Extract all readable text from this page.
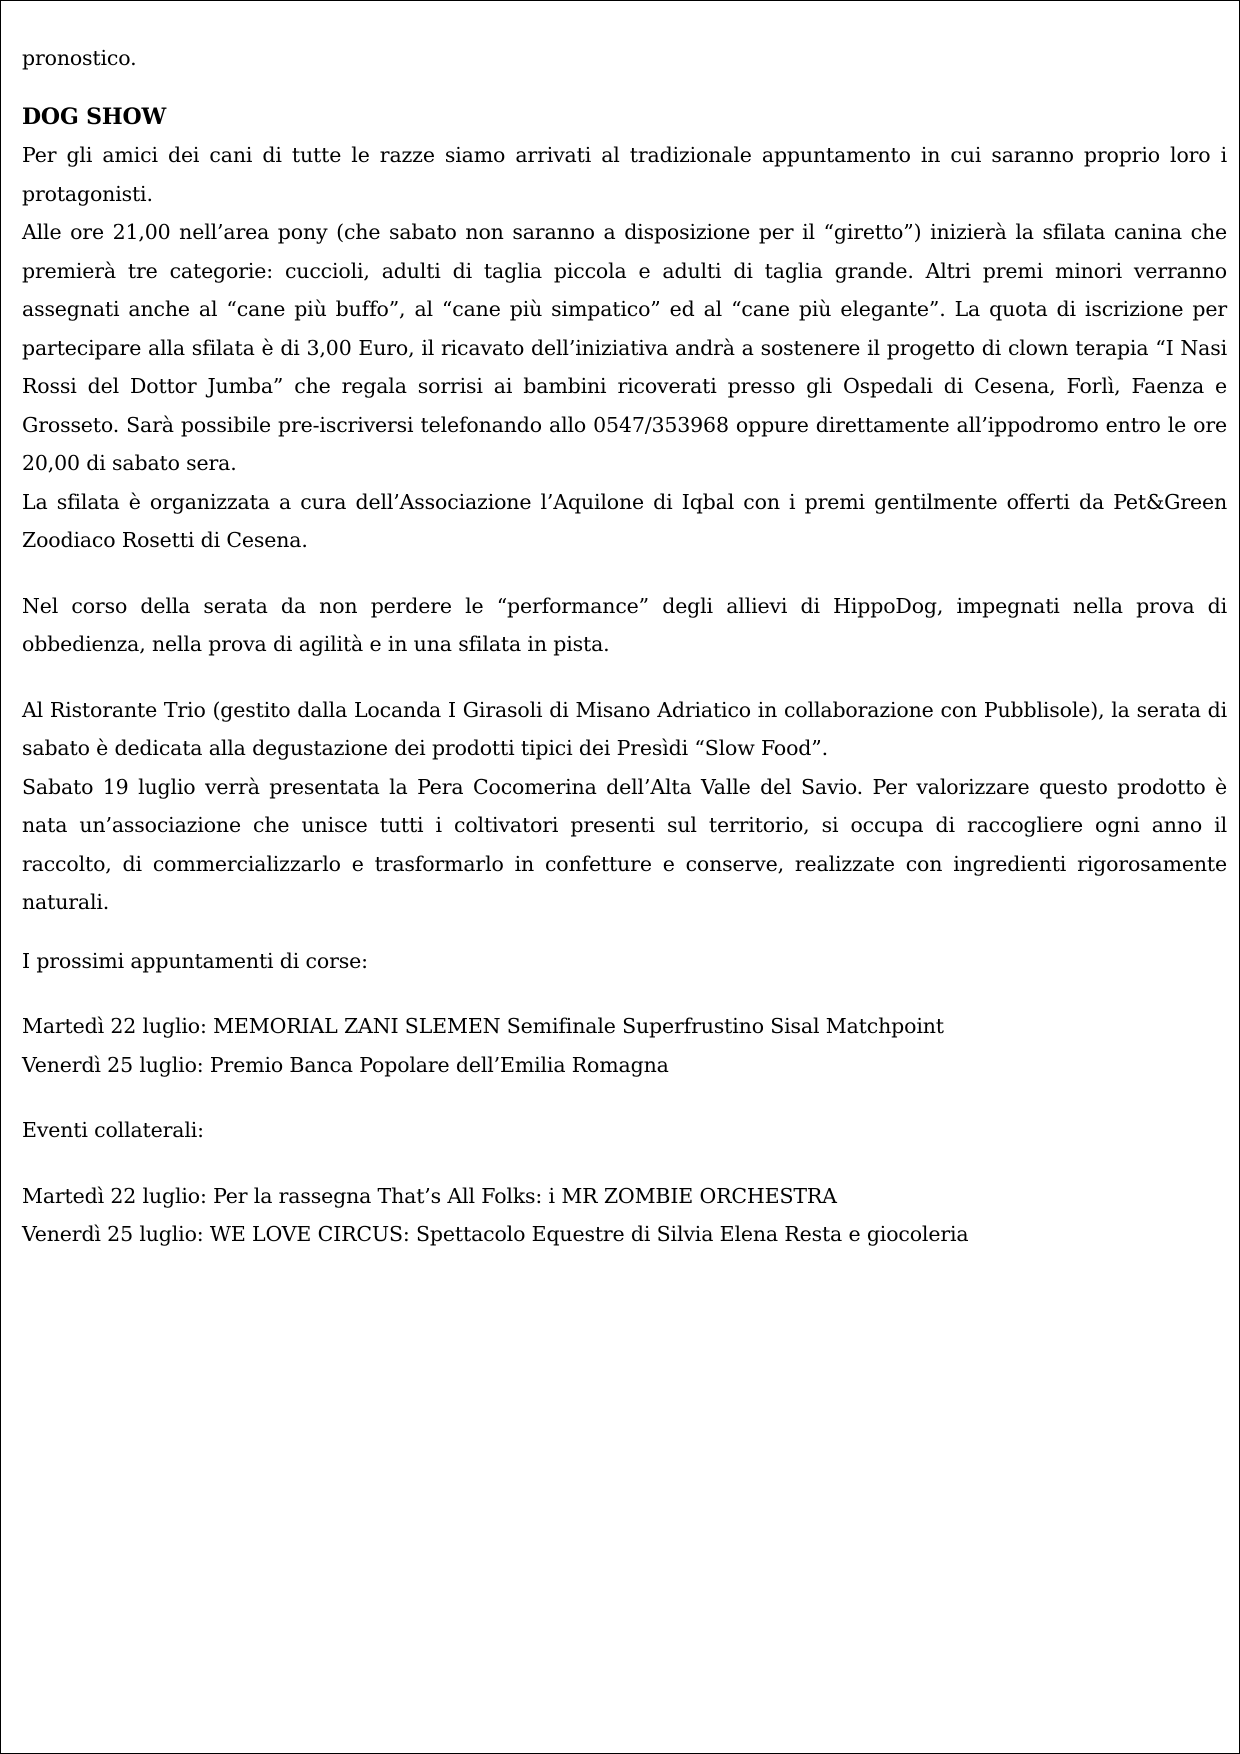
pronostico.

DOG SHOW

Per gli amici dei cani di tutte le razze siamo arrivati al tradizionale appuntamento in cui saranno proprio loro i protagonisti.

Alle ore 21,00 nell’area pony (che sabato non saranno a disposizione per il “giretto”) inizierà la sfilata canina che premierà tre categorie: cuccioli, adulti di taglia piccola e adulti di taglia grande. Altri premi minori verranno assegnati anche al “cane più buffo”, al “cane più simpatico” ed al “cane più elegante”. La quota di iscrizione per partecipare alla sfilata è di 3,00 Euro, il ricavato dell’iniziativa andrà a sostenere il progetto di clown terapia “I Nasi Rossi del Dottor Jumba” che regala sorrisi ai bambini ricoverati presso gli Ospedali di Cesena, Forlì, Faenza e Grosseto. Sarà possibile pre-iscriversi telefonando allo 0547/353968 oppure direttamente all’ippodromo entro le ore 20,00 di sabato sera.

La sfilata è organizzata a cura dell’Associazione l’Aquilone di Iqbal con i premi gentilmente offerti da Pet&Green Zoodiaco Rosetti di Cesena.

Nel corso della serata da non perdere le “performance” degli allievi di HippoDog, impegnati nella prova di obbedienza, nella prova di agilità e in una sfilata in pista.

Al Ristorante Trio (gestito dalla Locanda I Girasoli di Misano Adriatico in collaborazione con Pubblisole), la serata di sabato è dedicata alla degustazione dei prodotti tipici dei Presìdi “Slow Food”.

Sabato 19 luglio verrà presentata la Pera Cocomerina dell’Alta Valle del Savio. Per valorizzare questo prodotto è nata un’associazione che unisce tutti i coltivatori presenti sul territorio, si occupa di raccogliere ogni anno il raccolto, di commercializzarlo e trasformarlo in confetture e conserve, realizzate con ingredienti rigorosamente naturali.

I prossimi appuntamenti di corse:

Martedì 22 luglio: MEMORIAL ZANI SLEMEN Semifinale Superfrustino Sisal Matchpoint

Venerdì 25 luglio: Premio Banca Popolare dell’Emilia Romagna

Eventi collaterali:

Martedì 22 luglio: Per la rassegna That’s All Folks: i MR ZOMBIE ORCHESTRA

Venerdì 25 luglio: WE LOVE CIRCUS: Spettacolo Equestre di Silvia Elena Resta e giocoleria
